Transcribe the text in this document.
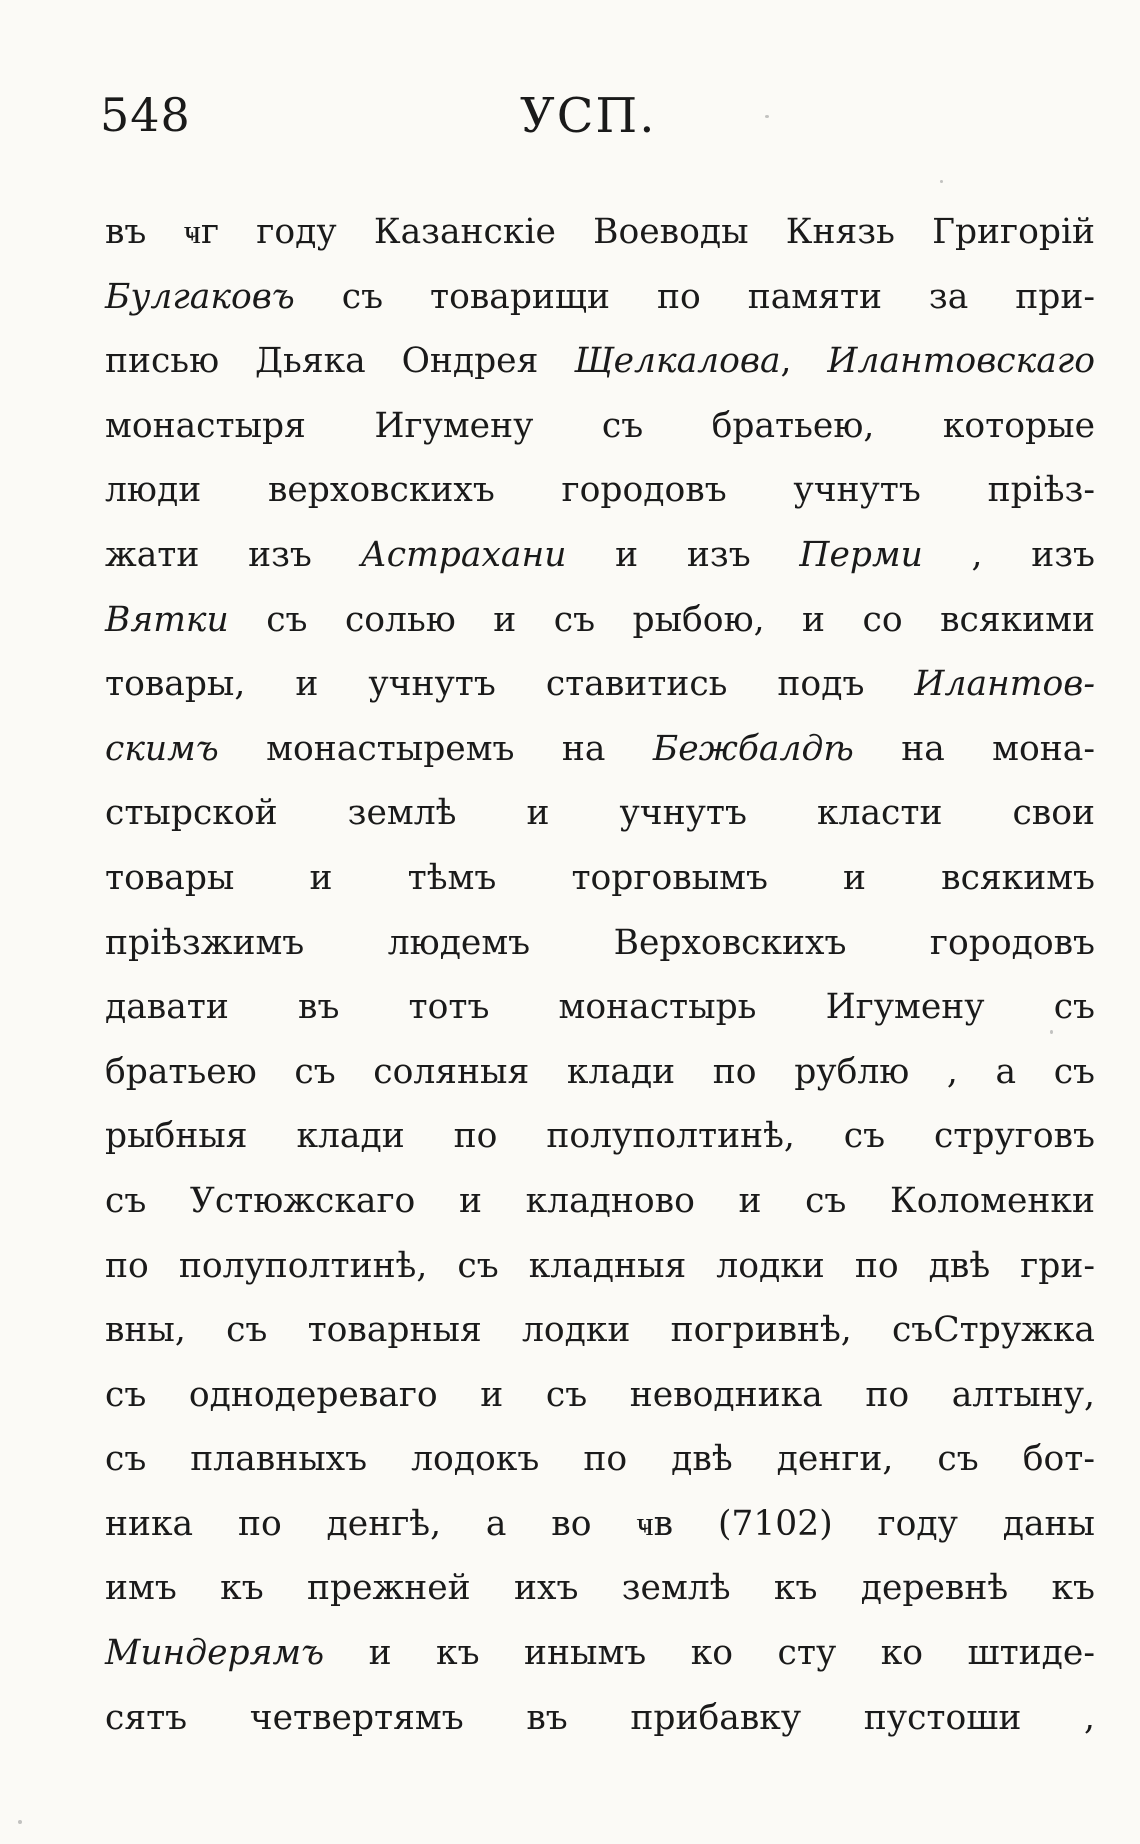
548	УСП.
въ ҹг году Казанскіе Воеводы Князь Григорій
Булгаковъ съ товарищи по памяти за при-
писью Дьяка Ондрея Щелкалова, Илантовскаго
монастыря Игумену съ братьею, которые
люди верховскихъ городовъ учнутъ пріѣз-
жати изъ Астрахани и изъ Перми , изъ
Вятки съ солью и съ рыбою, и со всякими
товары, и учнутъ ставитись подъ Илантов-
скимъ монастыремъ на Бежбалдѣ на мона-
стырской землѣ и учнутъ класти свои
товары и тѣмъ торговымъ и всякимъ
пріѣзжимъ людемъ Верховскихъ городовъ
давати въ тотъ монастырь Игумену съ
братьею съ соляныя клади по рублю , а съ
рыбныя клади по полуполтинѣ, съ струговъ
съ Устюжскаго и кладново и съ Коломенки
по полуполтинѣ, съ кладныя лодки по двѣ гри-
вны, съ товарныя лодки погривнѣ, съСтружка
съ однодереваго и съ неводника по алтыну,
съ плавныхъ лодокъ по двѣ денги, съ бот-
ника по денгѣ, а во ҹв (7102) году даны
имъ къ прежней ихъ землѣ къ деревнѣ къ
Миндерямъ и къ инымъ ко сту ко штиде-
сятъ четвертямъ въ прибавку пустоши ,
